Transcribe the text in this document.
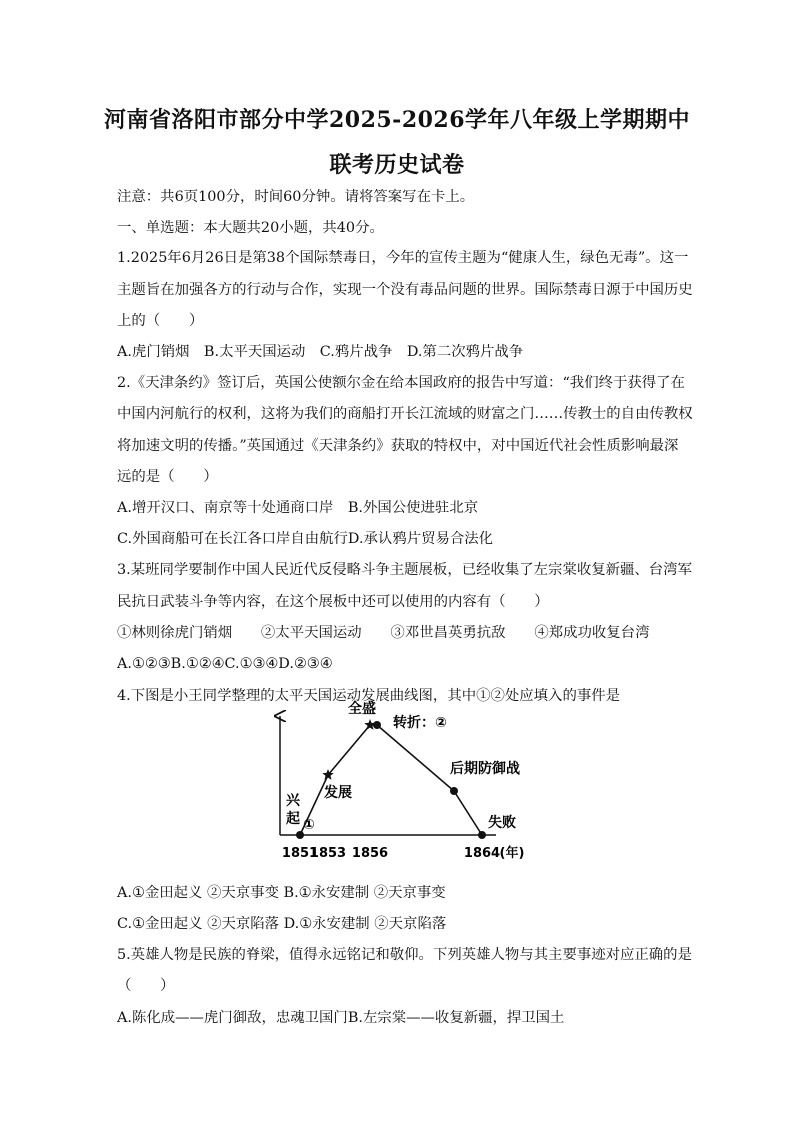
河南省洛阳市部分中学2025-2026学年八年级上学期期中
联考历史试卷
注意：共6页100分，时间60分钟。请将答案写在卡上。
一、单选题：本大题共20小题，共40分。
1.2025年6月26日是第38个国际禁毒日，今年的宣传主题为“健康人生，绿色无毒”。这一
主题旨在加强各方的行动与合作，实现一个没有毒品问题的世界。国际禁毒日源于中国历史
上的（　　）
A.虎门销烟　B.太平天国运动　C.鸦片战争　D.第二次鸦片战争
2.《天津条约》签订后，英国公使额尔金在给本国政府的报告中写道：“我们终于获得了在
中国内河航行的权利，这将为我们的商船打开长江流域的财富之门……传教士的自由传教权
将加速文明的传播。”英国通过《天津条约》获取的特权中，对中国近代社会性质影响最深
远的是（　　）
A.增开汉口、南京等十处通商口岸　B.外国公使进驻北京
C.外国商船可在长江各口岸自由航行D.承认鸦片贸易合法化
3.某班同学要制作中国人民近代反侵略斗争主题展板，已经收集了左宗棠收复新疆、台湾军
民抗日武装斗争等内容，在这个展板中还可以使用的内容有（　　）
①林则徐虎门销烟　　②太平天国运动　　③邓世昌英勇抗敌　　④郑成功收复台湾
A.①②③B.①②④C.①③④D.②③④
4.下图是小王同学整理的太平天国运动发展曲线图，其中①②处应填入的事件是
1851
1853 1856	1864 (年)
兴
起 ①
发展
全盛
转折：②
后期防御战
失败
A.①金田起义 ②天京事变 B.①永安建制 ②天京事变
C.①金田起义 ②天京陷落 D.①永安建制 ②天京陷落
5.英雄人物是民族的脊梁，值得永远铭记和敬仰。下列英雄人物与其主要事迹对应正确的是
（　　）
A.陈化成——虎门御敌，忠魂卫国门B.左宗棠——收复新疆，捍卫国土
